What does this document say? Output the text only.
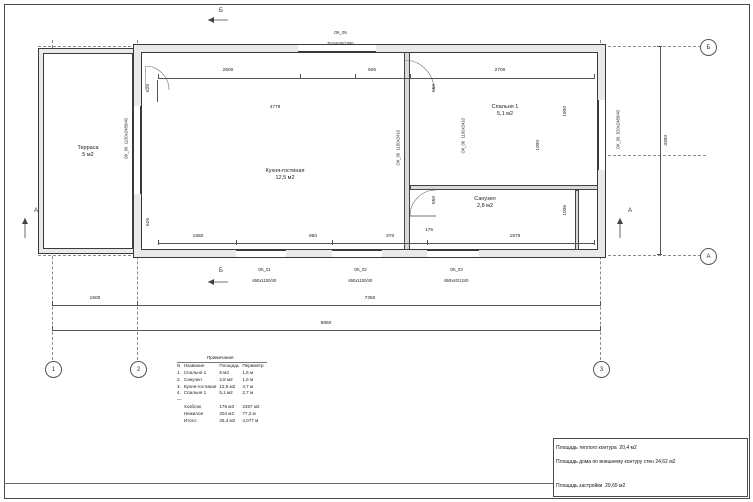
Терраса
5 м2
Кухня-гостиная
12,5 м2
Спальня 1
5,1 м2
Санузел
2,8 м2

ОК_05

752х840/1000

ОК_01

650х1100/40

ОК_02

650х1100/40

ОК_03

650х40/1240

ОК_06  1150х2480/40

ОК_06  1100х2410
	ОК_06  1100х2410

ОК_06  520х2480/40

2500	926	2700
4778
1550	950	378
175
1875
626
626
650
650
1900
1000
1006
3350
1500	7350
8850
Б
А
1	2	3
Б
Б
А	А
Примечания			
N	Название	Площадь	Периметр
1.	Спальня 1	5 м2	1,5 м
2.	Санузел	2,8 м2	1,6 м
3.	Кухня-гостиная	12,5 м2	4,7 м
4.	Спальня 1	5,1 м2	2,7 м
—			
	Хозблок	176 м3	2357 м2
	Нежилое	204 м2	77,2 м
	Итого:	25,4 м2	4,077 м
Площадь теплого контура  20,4 м2
Площадь дома по внешнему контуру стен 24,62 м2
Площадь застройки  29,65 м2
